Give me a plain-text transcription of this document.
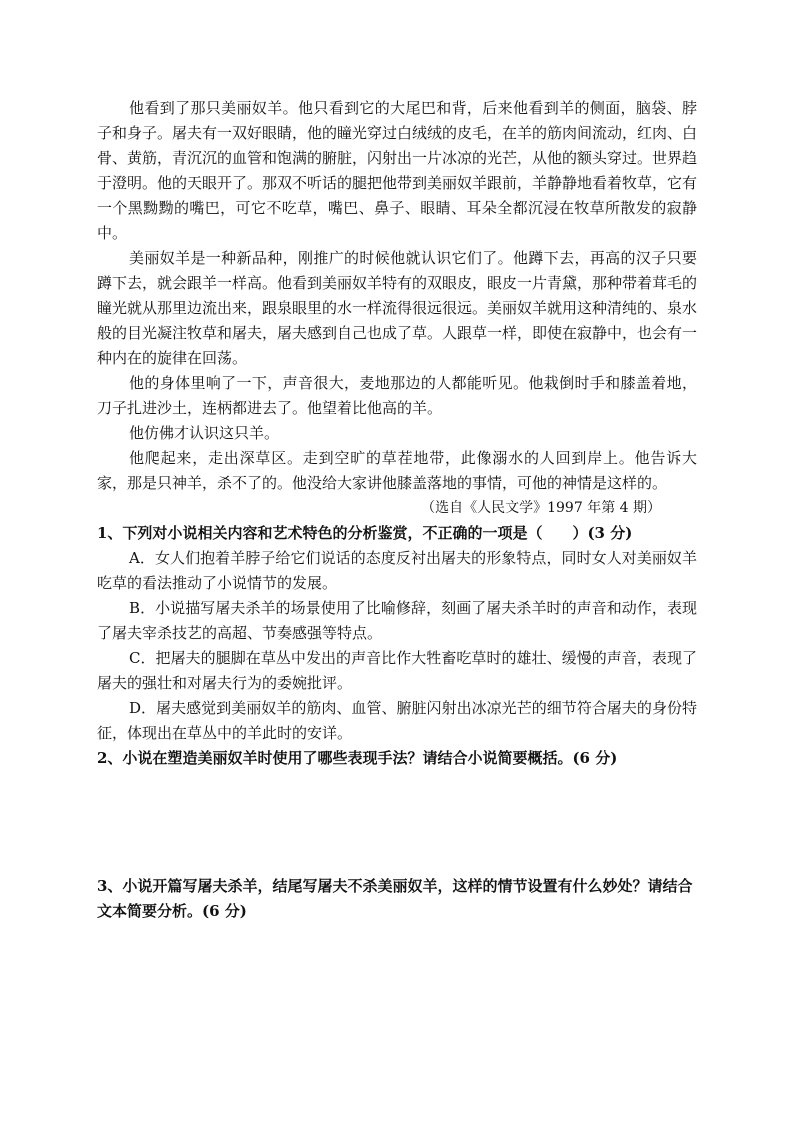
他看到了那只美丽奴羊。他只看到它的大尾巴和背，后来他看到羊的侧面，脑袋、脖子和身子。屠夫有一双好眼睛，他的瞳光穿过白绒绒的皮毛，在羊的筋肉间流动，红肉、白骨、黄筋，青沉沉的血管和饱满的腑脏，闪射出一片冰凉的光芒，从他的额头穿过。世界趋于澄明。他的天眼开了。那双不听话的腿把他带到美丽奴羊跟前，羊静静地看着牧草，它有一个黑黝黝的嘴巴，可它不吃草，嘴巴、鼻子、眼睛、耳朵全都沉浸在牧草所散发的寂静中。

美丽奴羊是一种新品种，刚推广的时候他就认识它们了。他蹲下去，再高的汉子只要蹲下去，就会跟羊一样高。他看到美丽奴羊特有的双眼皮，眼皮一片青黛，那种带着茸毛的瞳光就从那里边流出来，跟泉眼里的水一样流得很远很远。美丽奴羊就用这种清纯的、泉水般的目光凝注牧草和屠夫，屠夫感到自己也成了草。人跟草一样，即使在寂静中，也会有一种内在的旋律在回荡。

他的身体里响了一下，声音很大，麦地那边的人都能听见。他栽倒时手和膝盖着地，刀子扎进沙土，连柄都进去了。他望着比他高的羊。

他仿佛才认识这只羊。

他爬起来，走出深草区。走到空旷的草茬地带，此像溺水的人回到岸上。他告诉大家，那是只神羊，杀不了的。他没给大家讲他膝盖落地的事情，可他的神情是这样的。

（选自《人民文学》1997 年第 4 期）

1、下列对小说相关内容和艺术特色的分析鉴赏，不正确的一项是（　　）(3 分)

A．女人们抱着羊脖子给它们说话的态度反衬出屠夫的形象特点，同时女人对美丽奴羊吃草的看法推动了小说情节的发展。

B．小说描写屠夫杀羊的场景使用了比喻修辞，刻画了屠夫杀羊时的声音和动作，表现了屠夫宰杀技艺的高超、节奏感强等特点。

C．把屠夫的腿脚在草丛中发出的声音比作大牲畜吃草时的雄壮、缓慢的声音，表现了屠夫的强壮和对屠夫行为的委婉批评。

D．屠夫感觉到美丽奴羊的筋肉、血管、腑脏闪射出冰凉光芒的细节符合屠夫的身份特征，体现出在草丛中的羊此时的安详。

2、小说在塑造美丽奴羊时使用了哪些表现手法？请结合小说简要概括。(6 分)

3、小说开篇写屠夫杀羊，结尾写屠夫不杀美丽奴羊，这样的情节设置有什么妙处？请结合文本简要分析。(6 分)
